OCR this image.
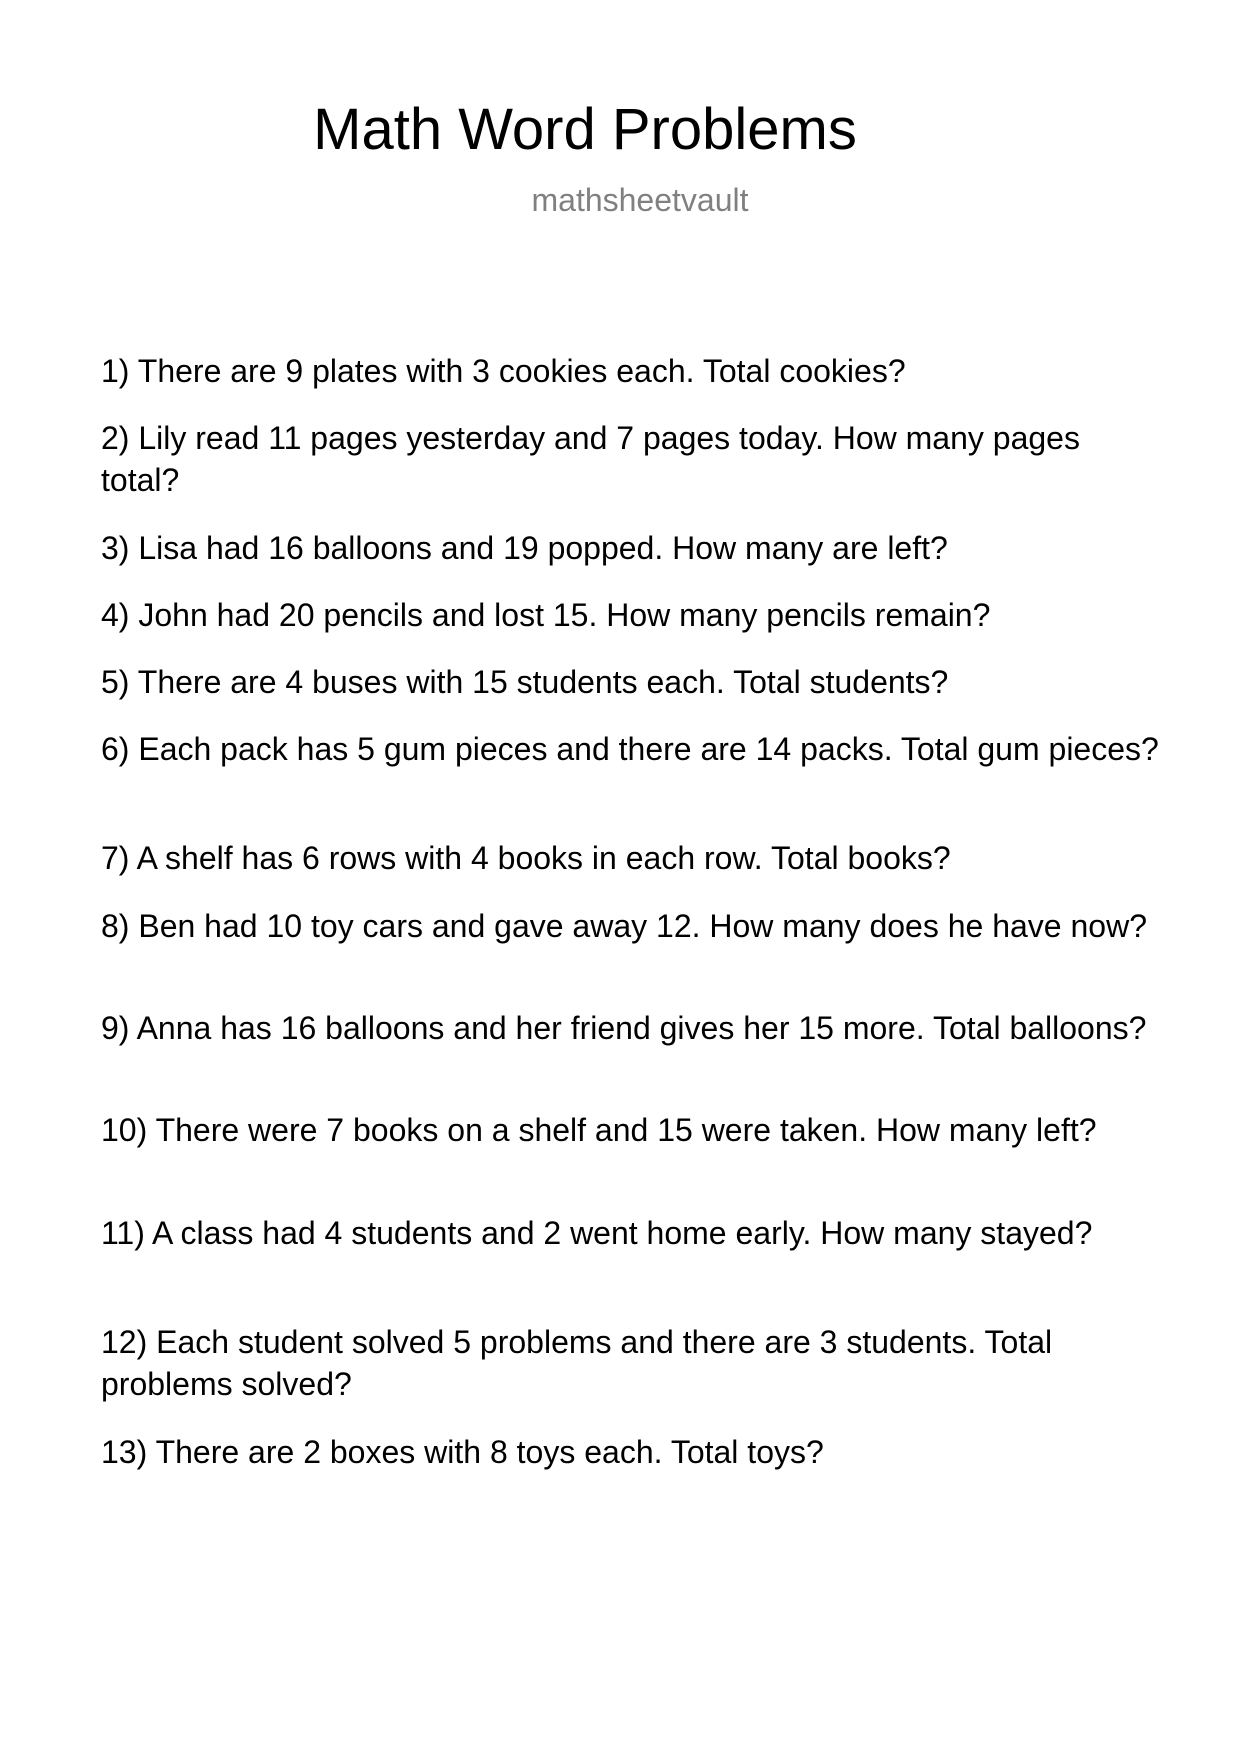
Math Word Problems
mathsheetvault

1) There are 9 plates with 3 cookies each. Total cookies?

2) Lily read 11 pages yesterday and 7 pages today. How many pages total?

3) Lisa had 16 balloons and 19 popped. How many are left?

4) John had 20 pencils and lost 15. How many pencils remain?

5) There are 4 buses with 15 students each. Total students?

6) Each pack has 5 gum pieces and there are 14 packs. Total gum pieces?

7) A shelf has 6 rows with 4 books in each row. Total books?

8) Ben had 10 toy cars and gave away 12. How many does he have now?

9) Anna has 16 balloons and her friend gives her 15 more. Total balloons?

10) There were 7 books on a shelf and 15 were taken. How many left?

11) A class had 4 students and 2 went home early. How many stayed?

12) Each student solved 5 problems and there are 3 students. Total problems solved?

13) There are 2 boxes with 8 toys each. Total toys?
